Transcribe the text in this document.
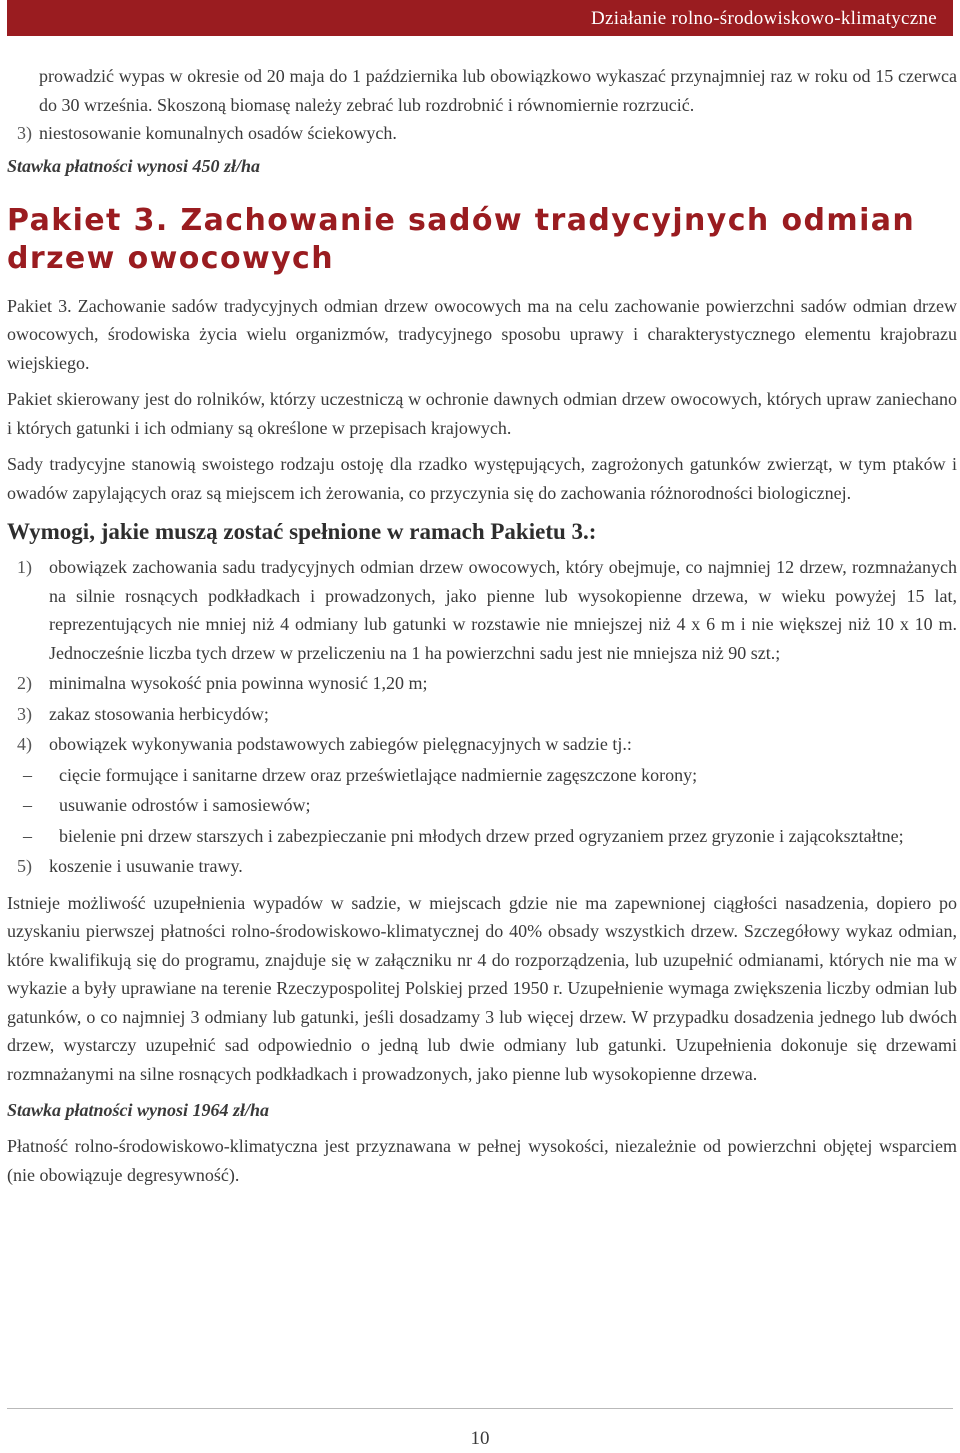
Działanie rolno-środowiskowo-klimatyczne

prowadzić wypas w okresie od 20 maja do 1 października lub obowiązkowo wykaszać przynajmniej raz w roku od 15 czerwca do 30 września. Skoszoną biomasę należy zebrać lub rozdrobnić i równomiernie rozrzucić.

3) niestosowanie komunalnych osadów ściekowych.
Stawka płatności wynosi 450 zł/ha
Pakiet 3. Zachowanie sadów tradycyjnych odmian drzew owocowych

Pakiet 3. Zachowanie sadów tradycyjnych odmian drzew owocowych ma na celu zachowanie powierzchni sadów odmian drzew owocowych, środowiska życia wielu organizmów, tradycyjnego sposobu uprawy i charakterystycznego elementu krajobrazu wiejskiego.

Pakiet skierowany jest do rolników, którzy uczestniczą w ochronie dawnych odmian drzew owocowych, których upraw zaniechano i których gatunki i ich odmiany są określone w przepisach krajowych.

Sady tradycyjne stanowią swoistego rodzaju ostoję dla rzadko występujących, zagrożonych gatunków zwierząt, w tym ptaków i owadów zapylających oraz są miejscem ich żerowania, co przyczynia się do zachowania różnorodności biologicznej.

Wymogi, jakie muszą zostać spełnione w ramach Pakietu 3.:
1) obowiązek zachowania sadu tradycyjnych odmian drzew owocowych, który obejmuje, co najmniej 12 drzew, rozmnażanych na silnie rosnących podkładkach i prowadzonych, jako pienne lub wysokopienne drzewa, w wieku powyżej 15 lat, reprezentujących nie mniej niż 4 odmiany lub gatunki w rozstawie nie mniejszej niż 4 x 6 m i nie większej niż 10 x 10 m. Jednocześnie liczba tych drzew w przeliczeniu na 1 ha powierzchni sadu jest nie mniejsza niż 90 szt.;
2) minimalna wysokość pnia powinna wynosić 1,20 m;
3) zakaz stosowania herbicydów;
4) obowiązek wykonywania podstawowych zabiegów pielęgnacyjnych w sadzie tj.:
–	cięcie formujące i sanitarne drzew oraz prześwietlające nadmiernie zagęszczone korony;
–	usuwanie odrostów i samosiewów;
–	bielenie pni drzew starszych i zabezpieczanie pni młodych drzew przed ogryzaniem przez gryzonie i zającokształtne;
5) koszenie i usuwanie trawy.

Istnieje możliwość uzupełnienia wypadów w sadzie, w miejscach gdzie nie ma zapewnionej ciągłości nasadzenia, dopiero po uzyskaniu pierwszej płatności rolno-środowiskowo-klimatycznej do 40% obsady wszystkich drzew. Szczegółowy wykaz odmian, które kwalifikują się do programu, znajduje się w załączniku nr 4 do rozporządzenia, lub uzupełnić odmianami, których nie ma w wykazie a były uprawiane na terenie Rzeczypospolitej Polskiej przed 1950 r. Uzupełnienie wymaga zwiększenia liczby odmian lub gatunków, o co najmniej 3 odmiany lub gatunki, jeśli dosadzamy 3 lub więcej drzew. W przypadku dosadzenia jednego lub dwóch drzew, wystarczy uzupełnić sad odpowiednio o jedną lub dwie odmiany lub gatunki. Uzupełnienia dokonuje się drzewami rozmnażanymi na silne rosnących podkładkach i prowadzonych, jako pienne lub wysokopienne drzewa.

Stawka płatności wynosi 1964 zł/ha

Płatność rolno-środowiskowo-klimatyczna jest przyznawana w pełnej wysokości, niezależnie od powierzchni objętej wsparciem (nie obowiązuje degresywność).

10
